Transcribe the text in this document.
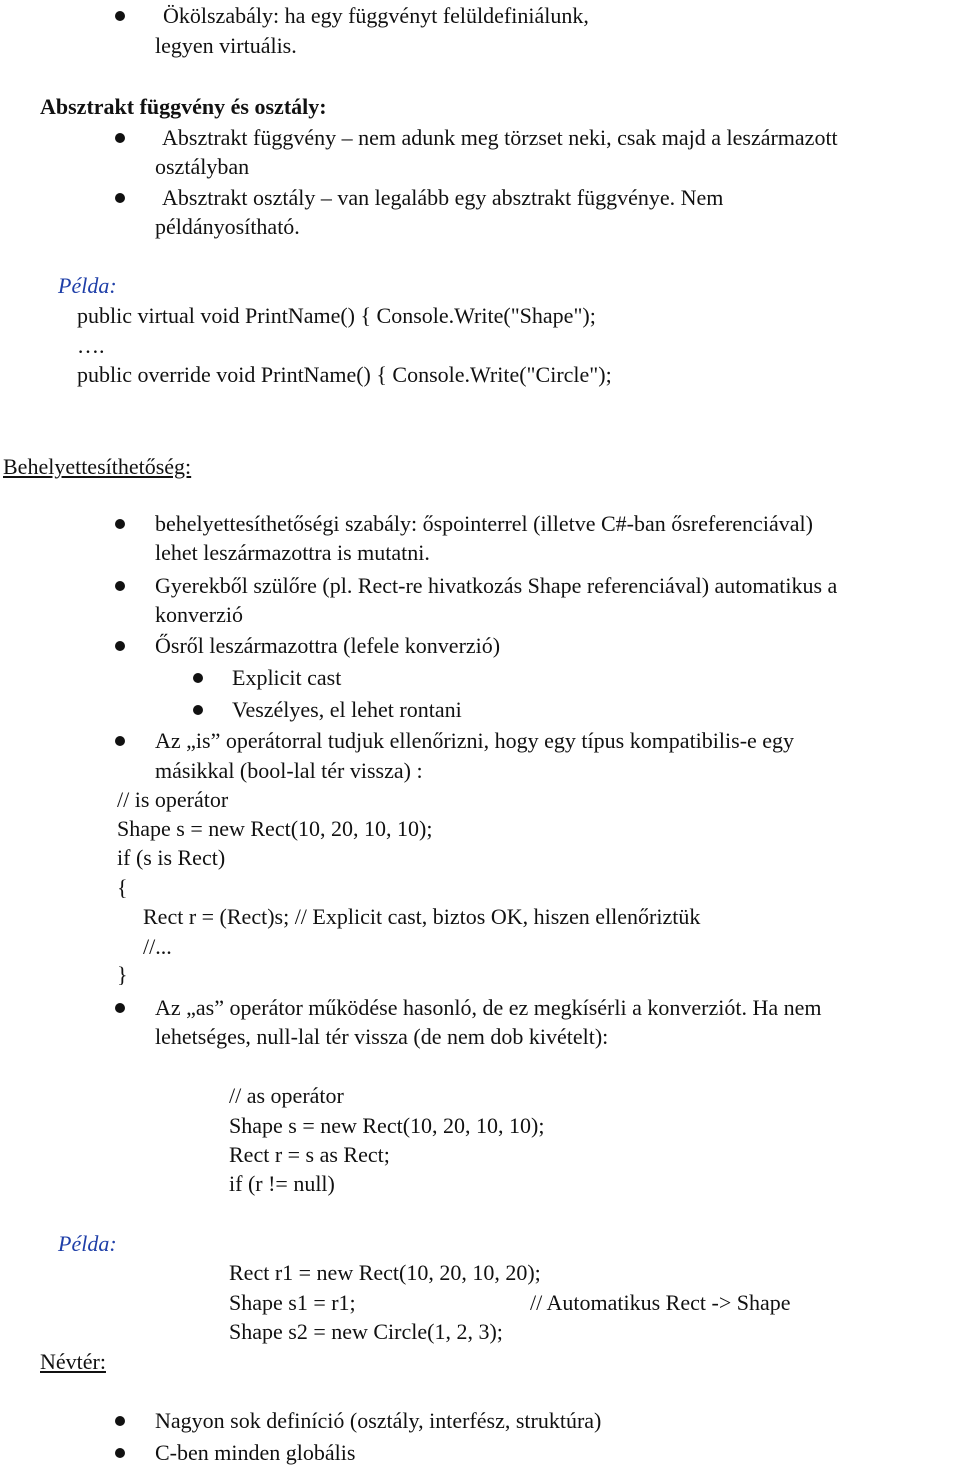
Ökölszabály: ha egy függvényt felüldefiniálunk,
legyen virtuális.
Absztrakt függvény és osztály:
Absztrakt függvény – nem adunk meg törzset neki, csak majd a leszármazott
osztályban
Absztrakt osztály – van legalább egy absztrakt függvénye. Nem
példányosítható.
Példa:
public virtual void PrintName() { Console.Write("Shape");
….
public override void PrintName() { Console.Write("Circle");
Behelyettesíthetőség:
behelyettesíthetőségi szabály: őspointerrel (illetve C#-ban ősreferenciával)
lehet leszármazottra is mutatni.
Gyerekből szülőre (pl. Rect-re hivatkozás Shape referenciával) automatikus a
konverzió
Ősről leszármazottra (lefele konverzió)
Explicit cast
Veszélyes, el lehet rontani
Az „is” operátorral tudjuk ellenőrizni, hogy egy típus kompatibilis-e egy
másikkal (bool-lal tér vissza) :
// is operátor
Shape s = new Rect(10, 20, 10, 10);
if (s is Rect)
{
Rect r = (Rect)s; // Explicit cast, biztos OK, hiszen ellenőriztük
//...
}
Az „as” operátor működése hasonló, de ez megkísérli a konverziót. Ha nem
lehetséges, null-lal tér vissza (de nem dob kivételt):
// as operátor
Shape s = new Rect(10, 20, 10, 10);
Rect r = s as Rect;
if (r != null)
Példa:
Rect r1 = new Rect(10, 20, 10, 20);
Shape s1 = r1;	// Automatikus Rect -> Shape
Shape s2 = new Circle(1, 2, 3);
Névtér:
Nagyon sok definíció (osztály, interfész, struktúra)
C-ben minden globális
